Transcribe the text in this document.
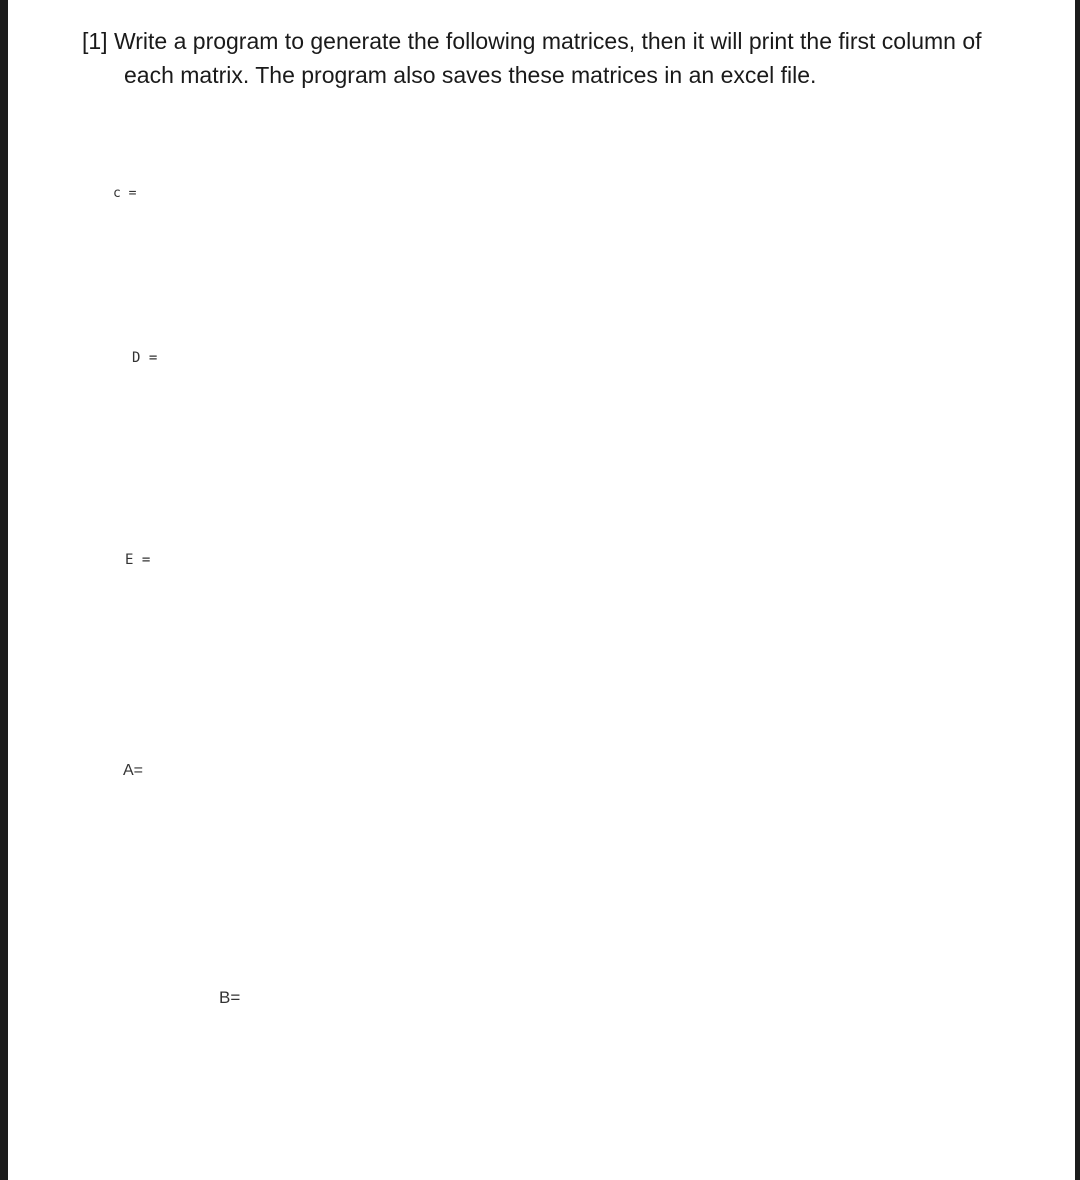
[1] Write a program to generate the following matrices, then it will print the first column of
each matrix. The program also saves these matrices in an excel file.
c =
D =
E =
A=
B=
